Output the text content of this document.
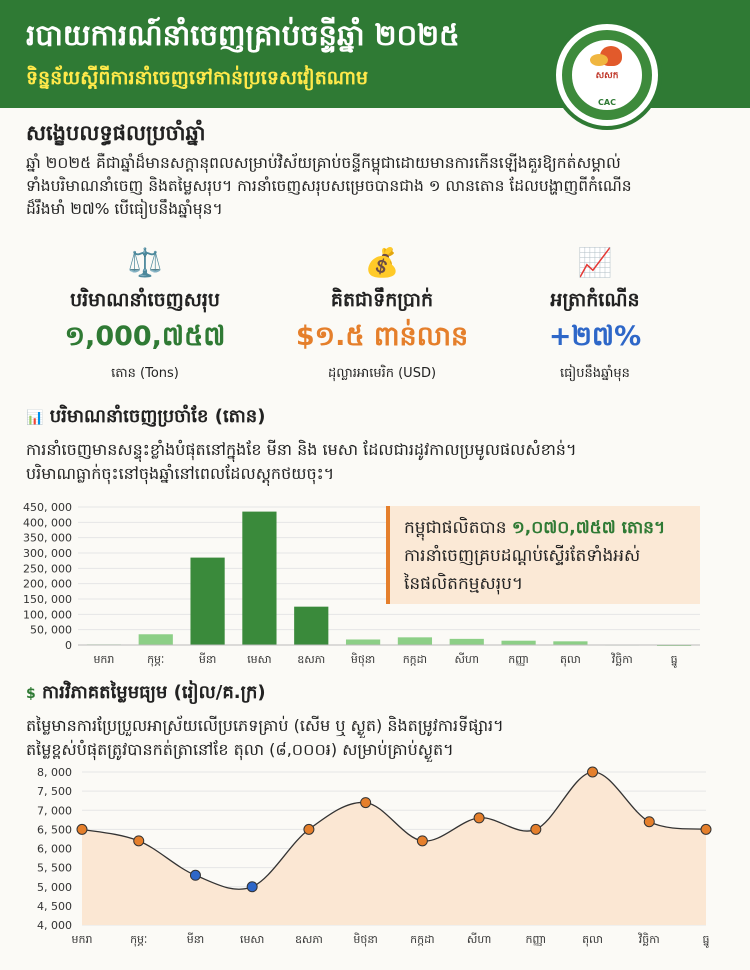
របាយការណ៍នាំចេញគ្រាប់ចន្ទីឆ្នាំ ២០២៥
ទិន្នន័យស្តីពីការនាំចេញទៅកាន់ប្រទេសវៀតណាម	សសក
CAC
សង្ខេបលទ្ធផលប្រចាំឆ្នាំ
ឆ្នាំ ២០២៥ គឺជាឆ្នាំដ៏មានសក្តានុពលសម្រាប់វិស័យគ្រាប់ចន្ទីកម្ពុជាដោយមានការកើនឡើងគួរឱ្យកត់សម្គាល់
ទាំងបរិមាណនាំចេញ និងតម្លៃសរុប។ ការនាំចេញសរុបសម្រេចបានជាង ១ លានតោន ដែលបង្ហាញពីកំណើន
ដ៏រឹងមាំ ២៧% បើធៀបនឹងឆ្នាំមុន។
⚖️
បរិមាណនាំចេញសរុប
១,000,៧៥៧
តោន (Tons)
💰
គិតជាទឹកប្រាក់
$១.៥ ពាន់លាន
ដុល្លារអាមេរិក (USD)
📈
អត្រាកំណើន
+២៧%
ធៀបនឹងឆ្នាំមុន
📊 បរិមាណនាំចេញប្រចាំខែ (តោន)
ការនាំចេញមានសន្ទុះខ្លាំងបំផុតនៅក្នុងខែ មីនា និង មេសា ដែលជារដូវកាលប្រមូលផលសំខាន់។
បរិមាណធ្លាក់ចុះនៅចុងឆ្នាំនៅពេលដែលស្តុកថយចុះ។
0
50, 000
100, 000
150, 000
200, 000
250, 000
300, 000
350, 000
400, 000
450, 000
មករា	កុម្ភៈ	មីនា	មេសា ឧសភា មិថុនា កក្កដា សីហា	កញ្ញា	តុលា	វិច្ឆិកា	ធ្នូ
កម្ពុជាផលិតបាន ១,០៧០,៧៥៧ តោន។
ការនាំចេញគ្របដណ្តប់ស្ទើរតែទាំងអស់
នៃផលិតកម្មសរុប។
$ ការវិភាគតម្លៃមធ្យម (រៀល/គ.ក្រ)
តម្លៃមានការប្រែប្រួលអាស្រ័យលើប្រភេទគ្រាប់ (សើម ឬ ស្ងួត) និងតម្រូវការទីផ្សារ។
តម្លៃខ្ពស់បំផុតត្រូវបានកត់ត្រានៅខែ តុលា (៨,០០០៛) សម្រាប់គ្រាប់ស្ងួត។
4, 000
4, 500
5, 000
5, 500
6, 000
6, 500
7, 000
7, 500
8, 000
មករា	កុម្ភៈ	មីនា	មេសា	ឧសភា	មិថុនា	កក្កដា	សីហា	កញ្ញា	តុលា	វិច្ឆិកា	ធ្នូ
